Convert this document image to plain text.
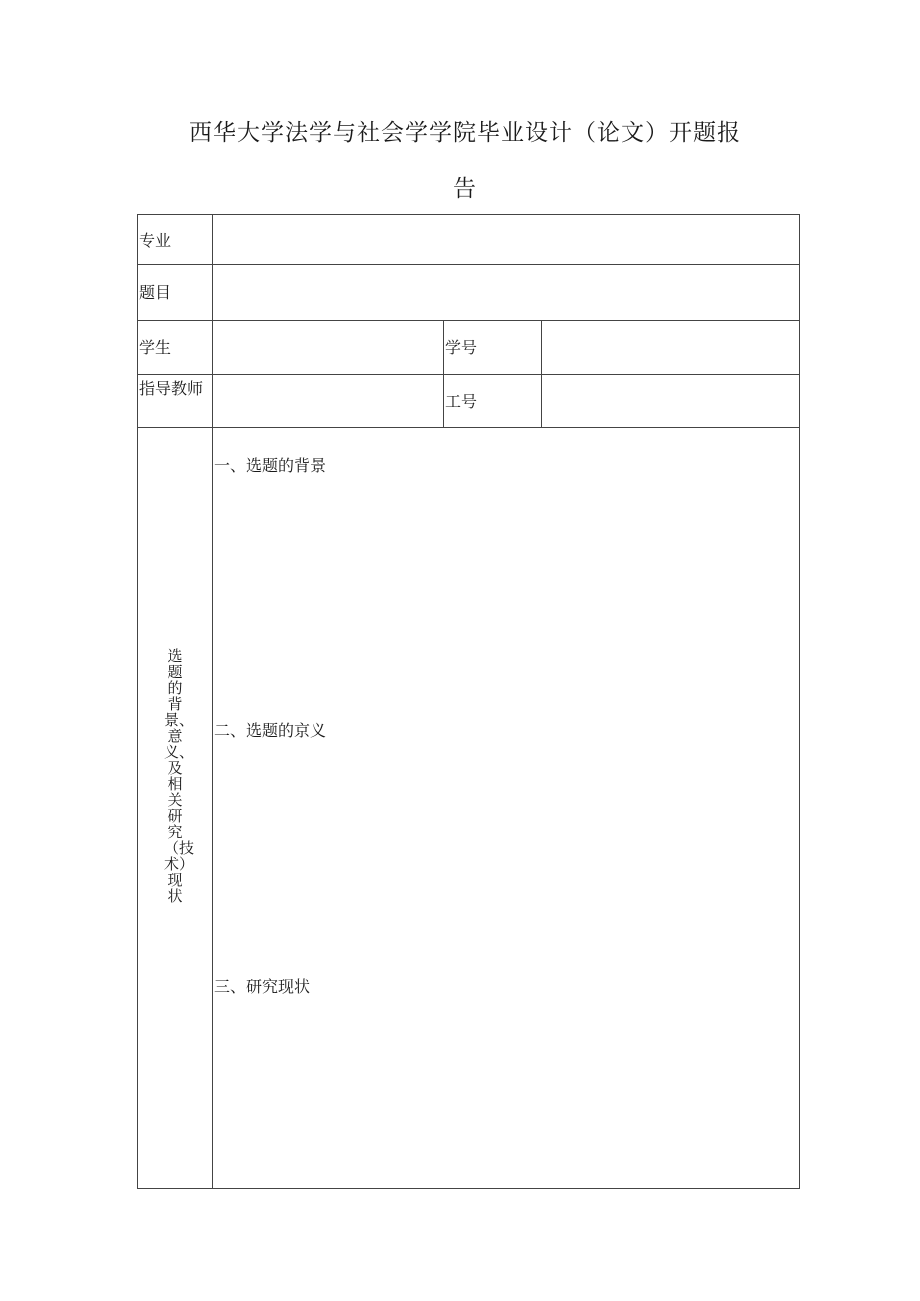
西华大学法学与社会学学院毕业设计（论文）开题报
告
专业
题目
学生	学号
指导教师
工号
选题的背景、意义、及相关研究（技术）现状
一、选题的背景
二、选题的京义
三、研究现状
